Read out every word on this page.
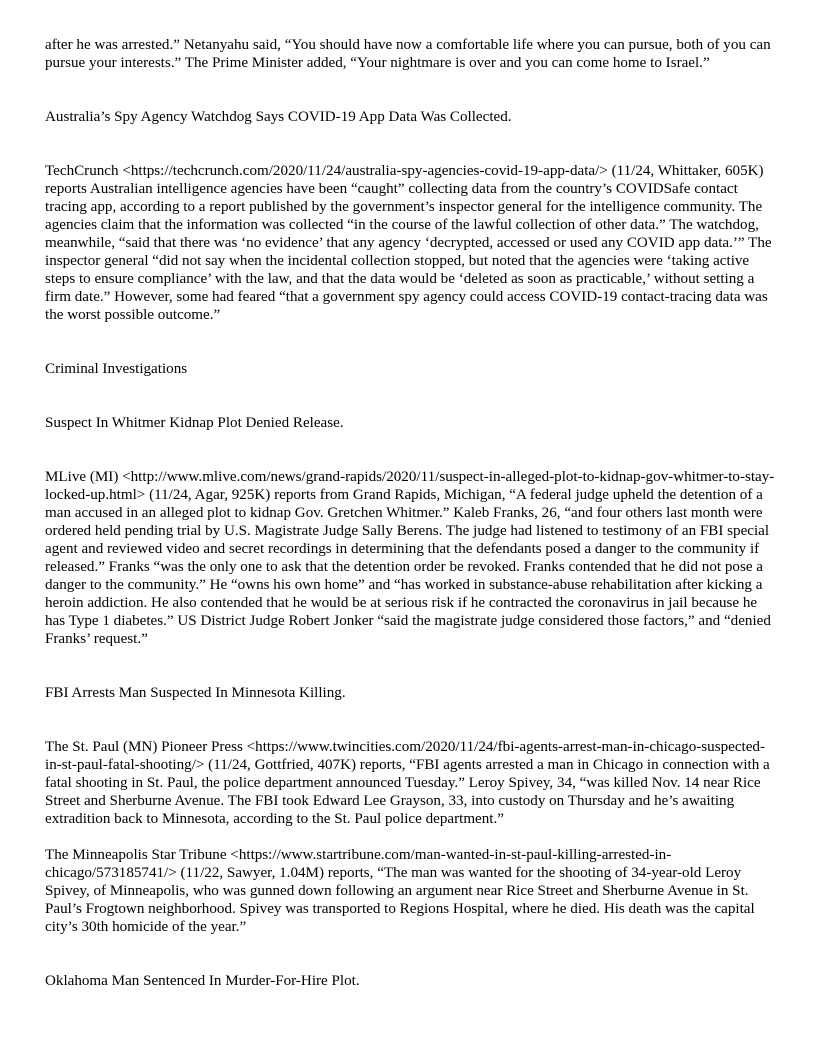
after he was arrested.” Netanyahu said, “You should have now a comfortable life where you can pursue, both of you can pursue your interests.” The Prime Minister added, “Your nightmare is over and you can come home to Israel.”

Australia’s Spy Agency Watchdog Says COVID-19 App Data Was Collected.

TechCrunch <https://techcrunch.com/2020/11/24/australia-spy-agencies-covid-19-app-data/> (11/24, Whittaker, 605K) reports Australian intelligence agencies have been “caught” collecting data from the country’s COVIDSafe contact tracing app, according to a report published by the government’s inspector general for the intelligence community. The agencies claim that the information was collected “in the course of the lawful collection of other data.” The watchdog, meanwhile, “said that there was ‘no evidence’ that any agency ‘decrypted, accessed or used any COVID app data.’” The inspector general “did not say when the incidental collection stopped, but noted that the agencies were ‘taking active steps to ensure compliance’ with the law, and that the data would be ‘deleted as soon as practicable,’ without setting a firm date.” However, some had feared “that a government spy agency could access COVID-19 contact-tracing data was the worst possible outcome.”

Criminal Investigations

Suspect In Whitmer Kidnap Plot Denied Release.

MLive (MI) <http://www.mlive.com/news/grand-rapids/2020/11/suspect-in-alleged-plot-to-kidnap-gov-whitmer-to-stay-locked-up.html> (11/24, Agar, 925K) reports from Grand Rapids, Michigan, “A federal judge upheld the detention of a man accused in an alleged plot to kidnap Gov. Gretchen Whitmer.” Kaleb Franks, 26, “and four others last month were ordered held pending trial by U.S. Magistrate Judge Sally Berens. The judge had listened to testimony of an FBI special agent and reviewed video and secret recordings in determining that the defendants posed a danger to the community if released.” Franks “was the only one to ask that the detention order be revoked. Franks contended that he did not pose a danger to the community.” He “owns his own home” and “has worked in substance-abuse rehabilitation after kicking a heroin addiction. He also contended that he would be at serious risk if he contracted the coronavirus in jail because he has Type 1 diabetes.” US District Judge Robert Jonker “said the magistrate judge considered those factors,” and “denied Franks’ request.”

FBI Arrests Man Suspected In Minnesota Killing.

The St. Paul (MN) Pioneer Press <https://www.twincities.com/2020/11/24/fbi-agents-arrest-man-in-chicago-suspected-in-st-paul-fatal-shooting/> (11/24, Gottfried, 407K) reports, “FBI agents arrested a man in Chicago in connection with a fatal shooting in St. Paul, the police department announced Tuesday.” Leroy Spivey, 34, “was killed Nov. 14 near Rice Street and Sherburne Avenue. The FBI took Edward Lee Grayson, 33, into custody on Thursday and he’s awaiting extradition back to Minnesota, according to the St. Paul police department.”

The Minneapolis Star Tribune <https://www.startribune.com/man-wanted-in-st-paul-killing-arrested-in-chicago/573185741/> (11/22, Sawyer, 1.04M) reports, “The man was wanted for the shooting of 34-year-old Leroy Spivey, of Minneapolis, who was gunned down following an argument near Rice Street and Sherburne Avenue in St. Paul’s Frogtown neighborhood. Spivey was transported to Regions Hospital, where he died. His death was the capital city’s 30th homicide of the year.”

Oklahoma Man Sentenced In Murder-For-Hire Plot.
